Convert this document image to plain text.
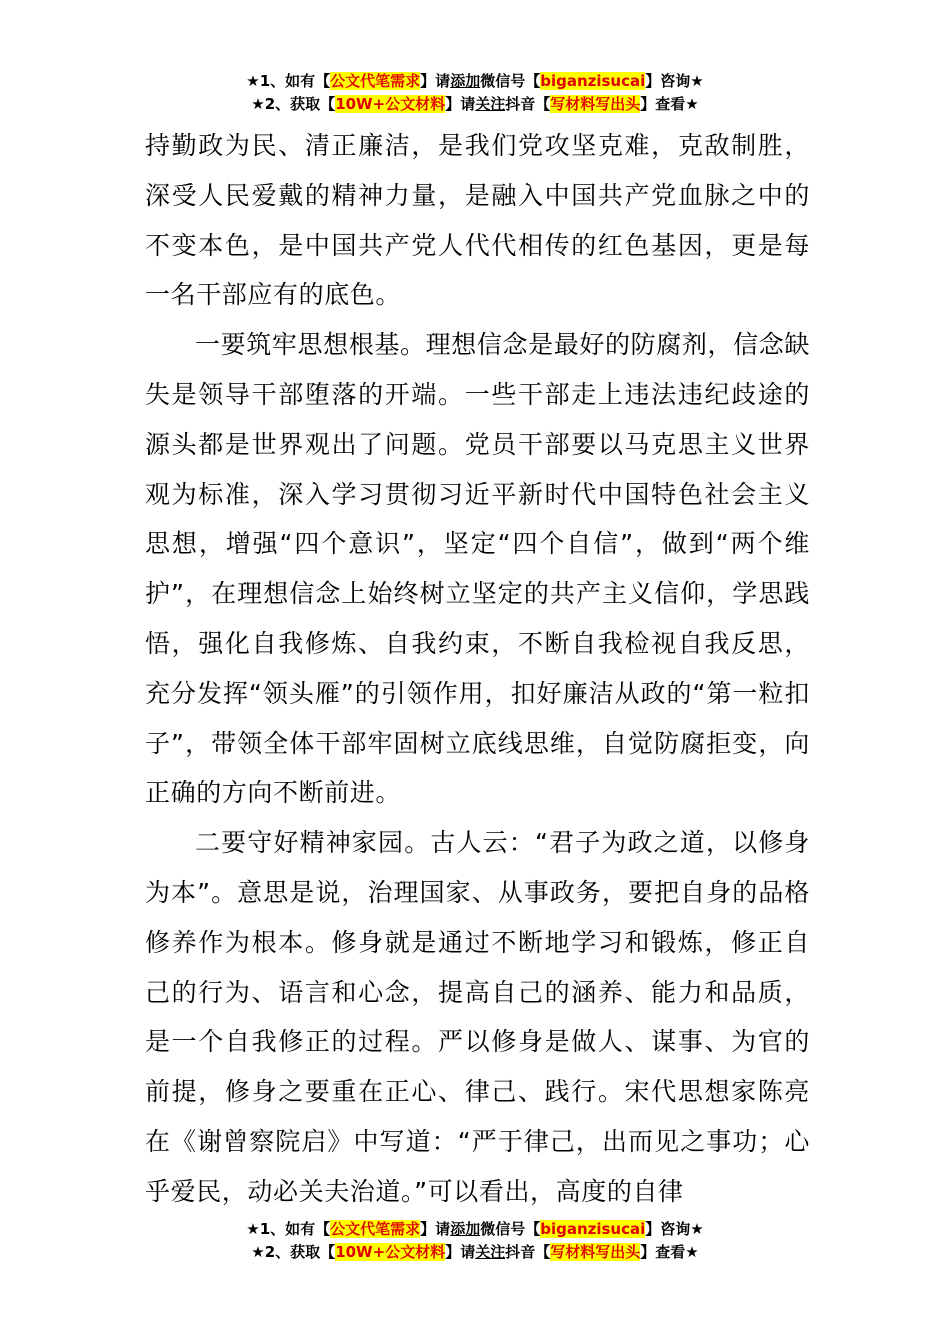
★1、如有【公文代笔需求】请添加微信号【biganzisucai】咨询★
★2、获取【10W+公文材料】请关注抖音【写材料写出头】查看★

持勤政为民、清正廉洁，是我们党攻坚克难，克敌制胜，深受人民爱戴的精神力量，是融入中国共产党血脉之中的不变本色，是中国共产党人代代相传的红色基因，更是每一名干部应有的底色。

一要筑牢思想根基。理想信念是最好的防腐剂，信念缺失是领导干部堕落的开端。一些干部走上违法违纪歧途的源头都是世界观出了问题。党员干部要以马克思主义世界观为标准，深入学习贯彻习近平新时代中国特色社会主义思想，增强“四个意识”，坚定“四个自信”，做到“两个维护”，在理想信念上始终树立坚定的共产主义信仰，学思践悟，强化自我修炼、自我约束，不断自我检视自我反思，充分发挥“领头雁”的引领作用，扣好廉洁从政的“第一粒扣子”，带领全体干部牢固树立底线思维，自觉防腐拒变，向正确的方向不断前进。

二要守好精神家园。古人云：“君子为政之道，以修身为本”。意思是说，治理国家、从事政务，要把自身的品格修养作为根本。修身就是通过不断地学习和锻炼，修正自己的行为、语言和心念，提高自己的涵养、能力和品质，是一个自我修正的过程。严以修身是做人、谋事、为官的前提，修身之要重在正心、律己、践行。宋代思想家陈亮在《谢曾察院启》中写道：“严于律己，出而见之事功；心乎爱民，动必关夫治道。”可以看出，高度的自律

★1、如有【公文代笔需求】请添加微信号【biganzisucai】咨询★
★2、获取【10W+公文材料】请关注抖音【写材料写出头】查看★
